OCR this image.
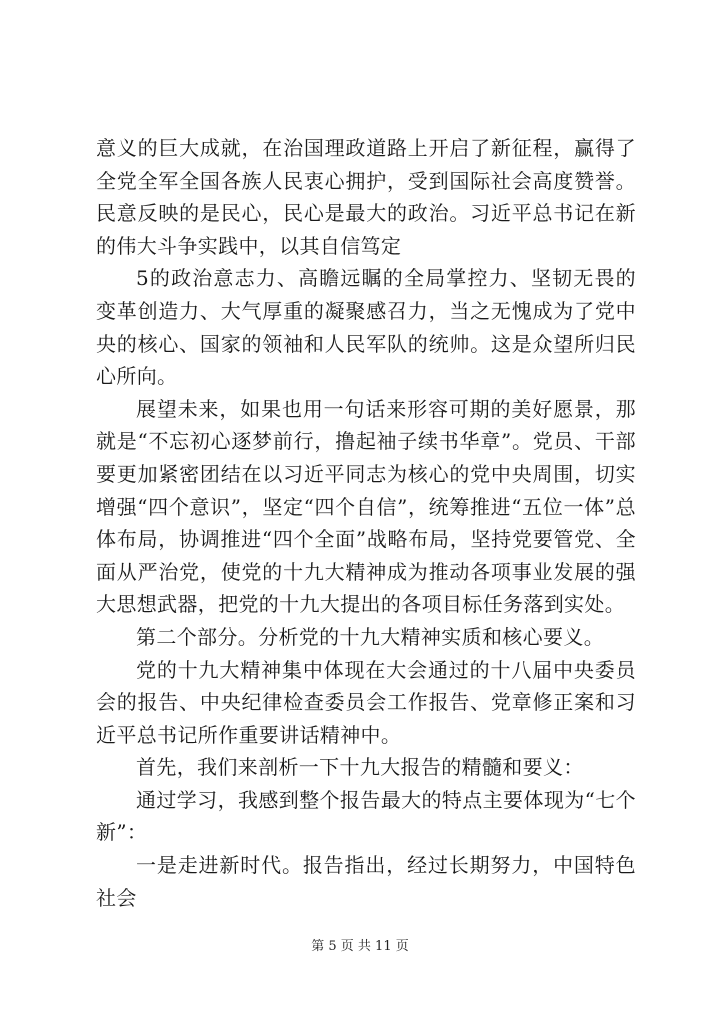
意义的巨大成就，在治国理政道路上开启了新征程，赢得了全党全军全国各族人民衷心拥护，受到国际社会高度赞誉。民意反映的是民心，民心是最大的政治。习近平总书记在新的伟大斗争实践中，以其自信笃定

5的政治意志力、高瞻远瞩的全局掌控力、坚韧无畏的变革创造力、大气厚重的凝聚感召力，当之无愧成为了党中央的核心、国家的领袖和人民军队的统帅。这是众望所归民心所向。

展望未来，如果也用一句话来形容可期的美好愿景，那就是“不忘初心逐梦前行，撸起袖子续书华章”。党员、干部要更加紧密团结在以习近平同志为核心的党中央周围，切实增强“四个意识”，坚定“四个自信”，统筹推进“五位一体”总体布局，协调推进“四个全面”战略布局，坚持党要管党、全面从严治党，使党的十九大精神成为推动各项事业发展的强大思想武器，把党的十九大提出的各项目标任务落到实处。

第二个部分。分析党的十九大精神实质和核心要义。

党的十九大精神集中体现在大会通过的十八届中央委员会的报告、中央纪律检查委员会工作报告、党章修正案和习近平总书记所作重要讲话精神中。

首先，我们来剖析一下十九大报告的精髓和要义：

通过学习，我感到整个报告最大的特点主要体现为“七个新”：

一是走进新时代。报告指出，经过长期努力，中国特色社会

第 5 页 共 11 页
